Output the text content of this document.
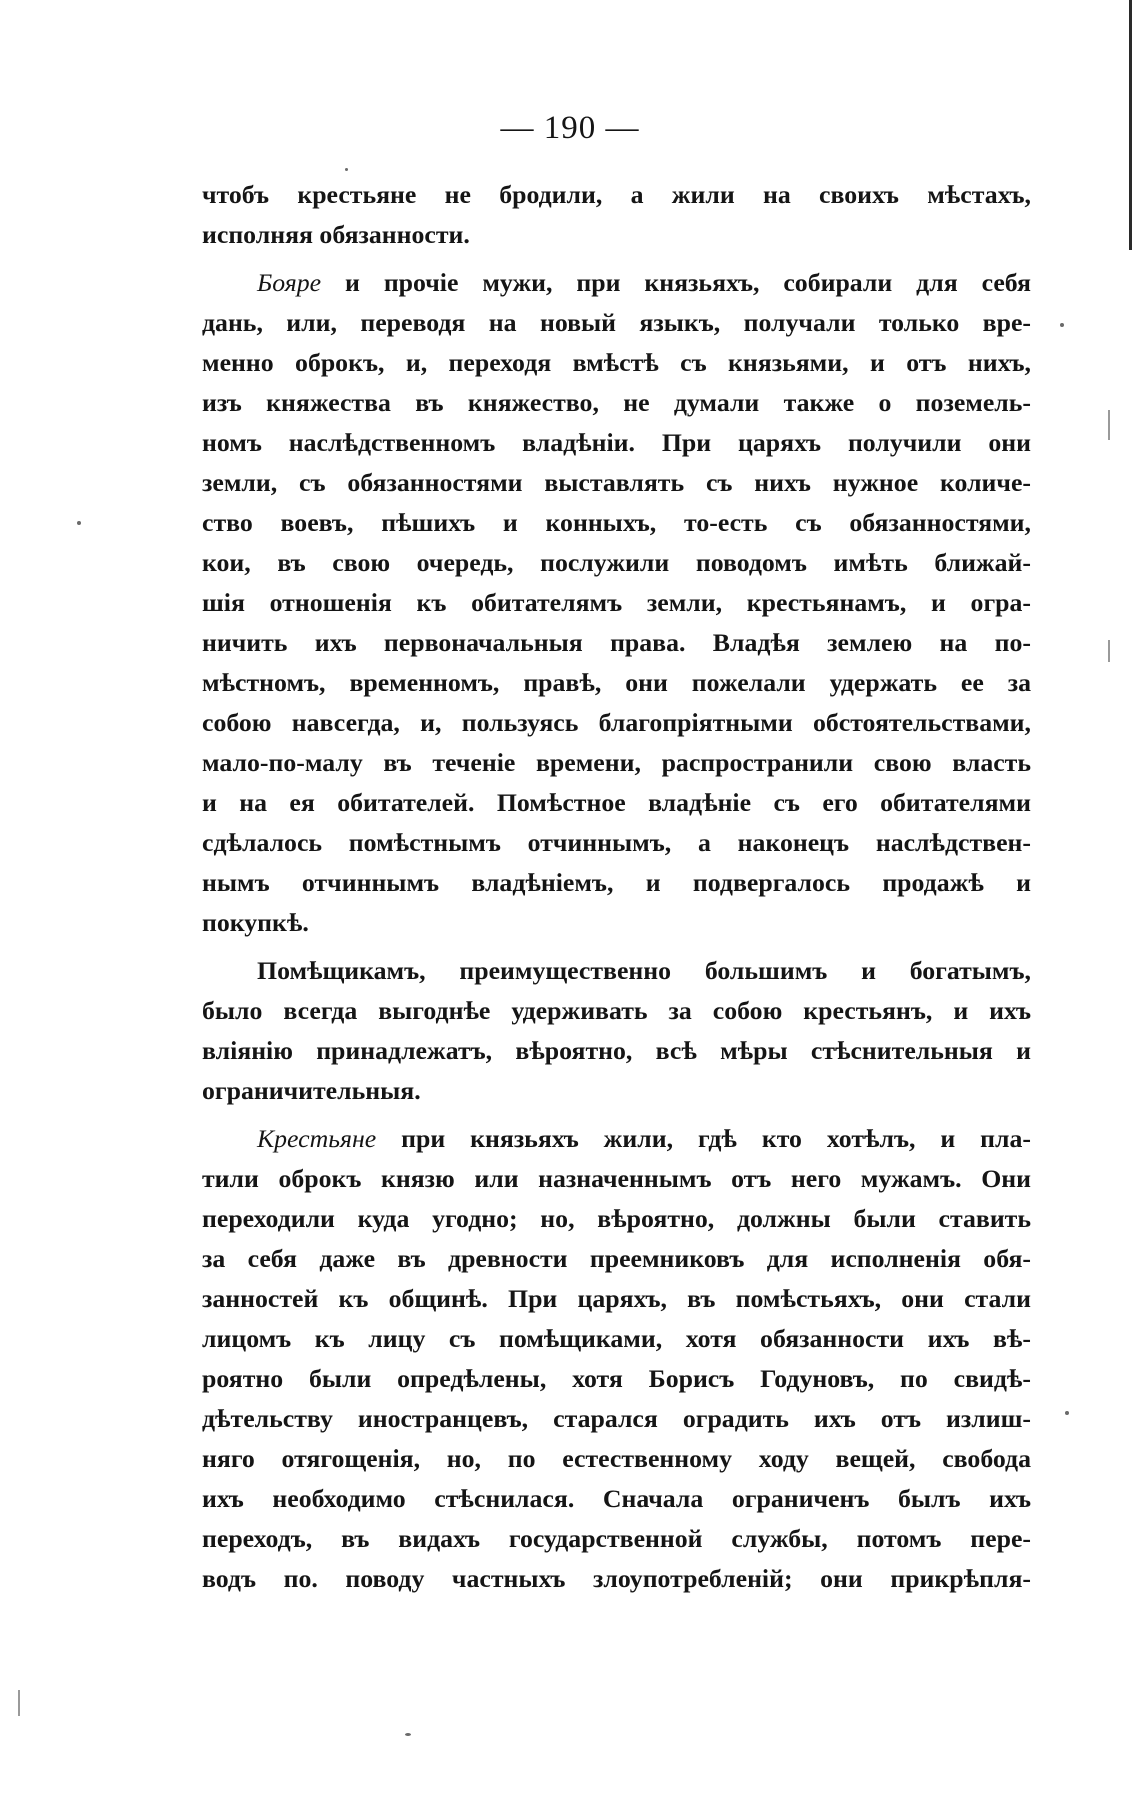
— 190 —
чтобъ крестьяне не бродили, а жили на своихъ мѣстахъ,
исполняя обязанности.
Бояре и прочіе мужи, при князьяхъ, собирали для себя
дань, или, переводя на новый языкъ, получали только вре-
менно оброкъ, и, переходя вмѣстѣ съ князьями, и отъ нихъ,
изъ княжества въ княжество, не думали также о поземель-
номъ наслѣдственномъ владѣніи. При царяхъ получили они
земли, съ обязанностями выставлять съ нихъ нужное количе-
ство воевъ, пѣшихъ и конныхъ, то-есть съ обязанностями,
кои, въ свою очередь, послужили поводомъ имѣть ближай-
шія отношенія къ обитателямъ земли, крестьянамъ, и огра-
ничить ихъ первоначальныя права. Владѣя землею на по-
мѣстномъ, временномъ, правѣ, они пожелали удержать ее за
собою навсегда, и, пользуясь благопріятными обстоятельствами,
мало-по-малу въ теченіе времени, распространили свою власть
и на ея обитателей. Помѣстное владѣніе съ его обитателями
сдѣлалось помѣстнымъ отчиннымъ, а наконецъ наслѣдствен-
нымъ отчиннымъ владѣніемъ, и подвергалось продажѣ и
покупкѣ.
Помѣщикамъ, преимущественно большимъ и богатымъ,
было всегда выгоднѣе удерживать за собою крестьянъ, и ихъ
вліянію принадлежатъ, вѣроятно, всѣ мѣры стѣснительныя и
ограничительныя.
Крестьяне при князьяхъ жили, гдѣ кто хотѣлъ, и пла-
тили оброкъ князю или назначеннымъ отъ него мужамъ. Они
переходили куда угодно; но, вѣроятно, должны были ставить
за себя даже въ древности преемниковъ для исполненія обя-
занностей къ общинѣ. При царяхъ, въ помѣстьяхъ, они стали
лицомъ къ лицу съ помѣщиками, хотя обязанности ихъ вѣ-
роятно были опредѣлены, хотя Борисъ Годуновъ, по свидѣ-
дѣтельству иностранцевъ, старался оградить ихъ отъ излиш-
няго отягощенія, но, по естественному ходу вещей, свобода
ихъ необходимо стѣснилася. Сначала ограниченъ былъ ихъ
переходъ, въ видахъ государственной службы, потомъ пере-
водъ по. поводу частныхъ злоупотребленій; они прикрѣпля-
